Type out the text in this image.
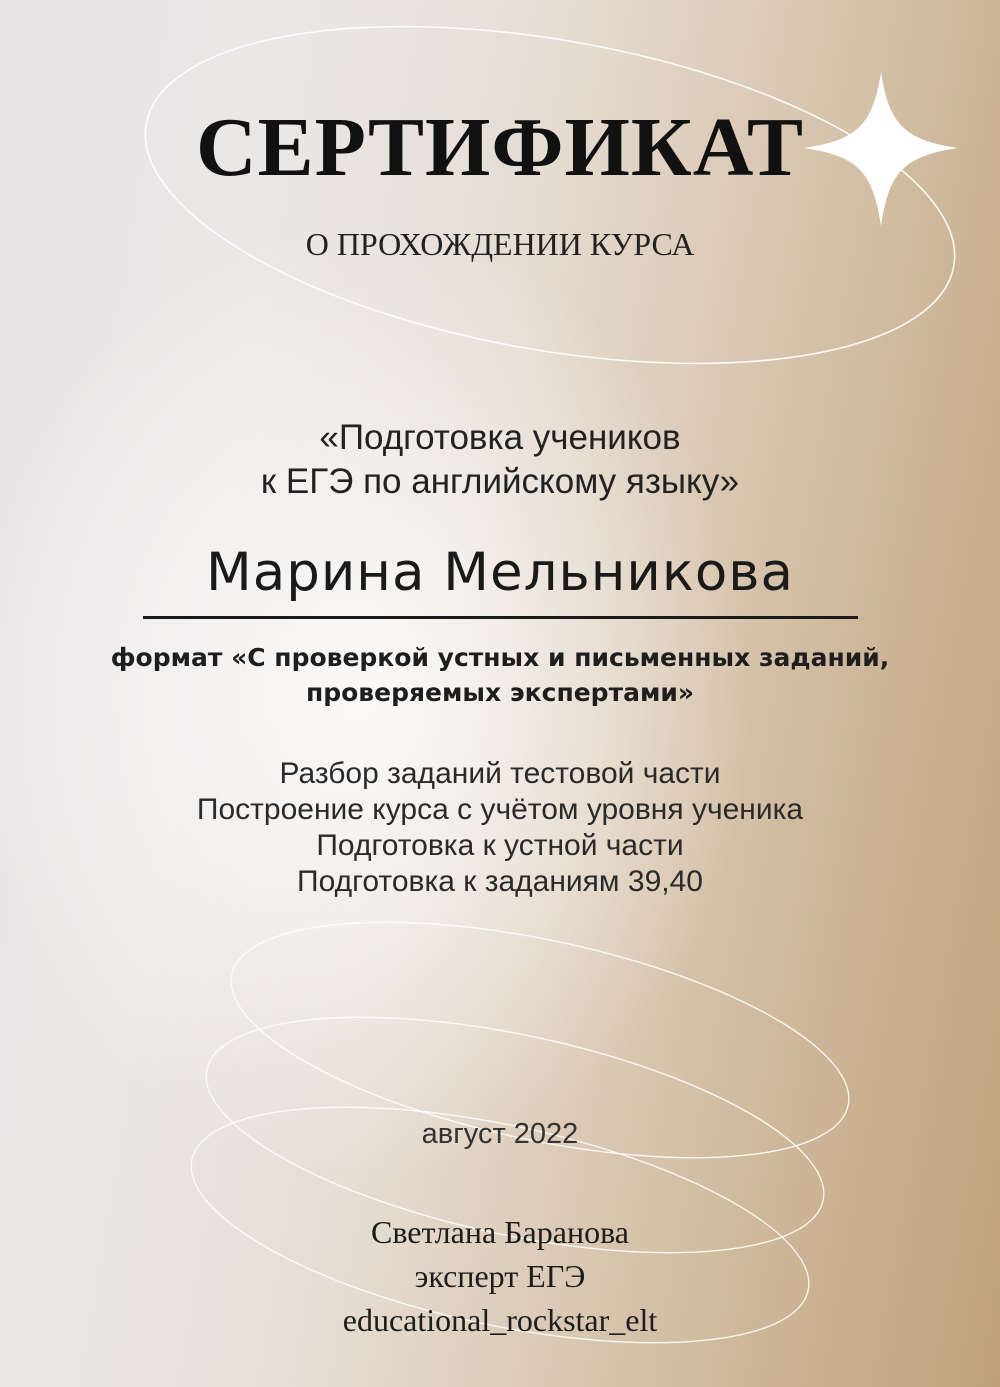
СЕРТИФИКАТ
О ПРОХОЖДЕНИИ КУРСА
«Подготовка учеников
к ЕГЭ по английскому языку»
Марина Мельникова
формат «С проверкой устных и письменных заданий,
проверяемых экспертами»
Разбор заданий тестовой части
Построение курса с учётом уровня ученика
Подготовка к устной части
Подготовка к заданиям 39,40
август 2022
Светлана Баранова
эксперт ЕГЭ
educational_rockstar_elt
